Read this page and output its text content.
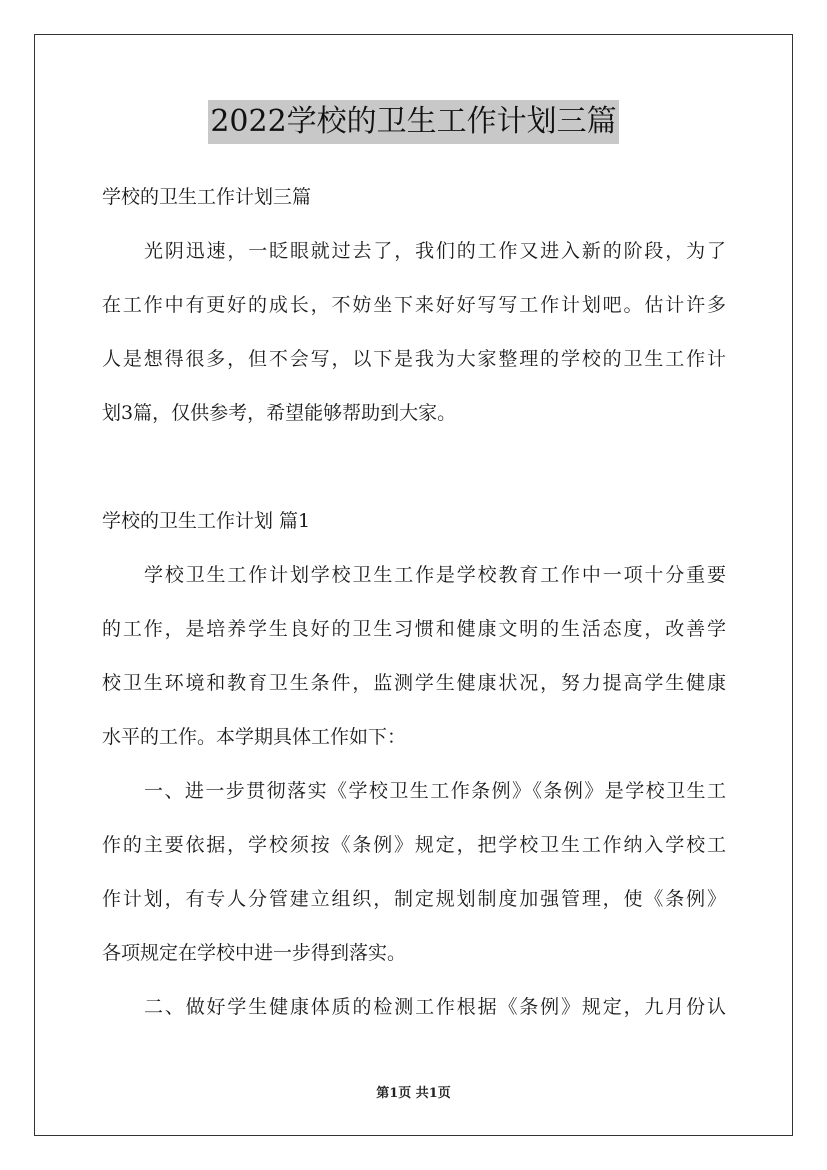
2022学校的卫生工作计划三篇
学校的卫生工作计划三篇
光阴迅速，一眨眼就过去了，我们的工作又进入新的阶段，为了
在工作中有更好的成长，不妨坐下来好好写写工作计划吧。估计许多
人是想得很多，但不会写，以下是我为大家整理的学校的卫生工作计
划3篇，仅供参考，希望能够帮助到大家。
学校的卫生工作计划 篇1
学校卫生工作计划学校卫生工作是学校教育工作中一项十分重要
的工作，是培养学生良好的卫生习惯和健康文明的生活态度，改善学
校卫生环境和教育卫生条件，监测学生健康状况，努力提高学生健康
水平的工作。本学期具体工作如下：
一、进一步贯彻落实《学校卫生工作条例》《条例》是学校卫生工
作的主要依据，学校须按《条例》规定，把学校卫生工作纳入学校工
作计划，有专人分管建立组织，制定规划制度加强管理，使《条例》
各项规定在学校中进一步得到落实。
二、做好学生健康体质的检测工作根据《条例》规定，九月份认
第1页 共1页
